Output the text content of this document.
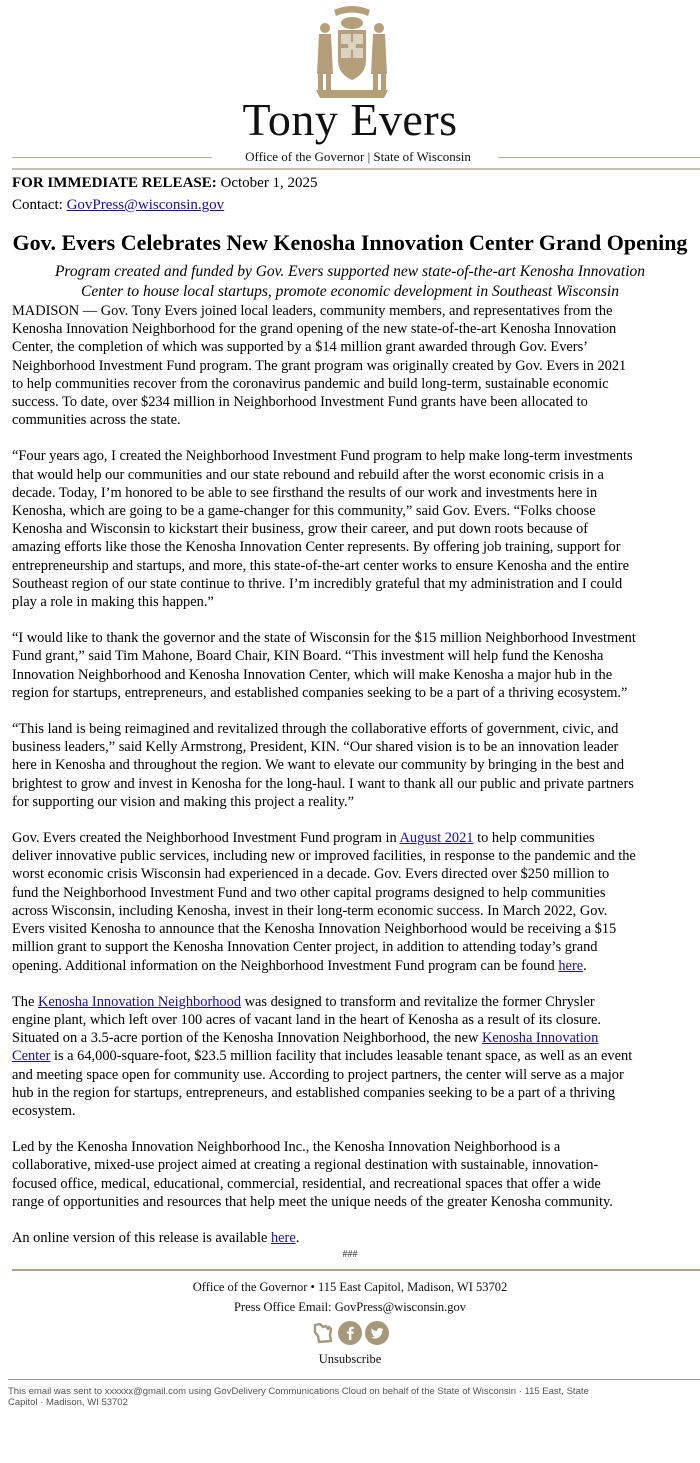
Tony Evers
Office of the Governor | State of Wisconsin
FOR IMMEDIATE RELEASE: October 1, 2025
Contact: GovPress@wisconsin.gov
Gov. Evers Celebrates New Kenosha Innovation Center Grand Opening
Program created and funded by Gov. Evers supported new state-of-the-art Kenosha Innovation
Center to house local startups, promote economic development in Southeast Wisconsin

MADISON — Gov. Tony Evers joined local leaders, community members, and representatives from the
Kenosha Innovation Neighborhood for the grand opening of the new state-of-the-art Kenosha Innovation
Center, the completion of which was supported by a $14 million grant awarded through Gov. Evers’
Neighborhood Investment Fund program. The grant program was originally created by Gov. Evers in 2021
to help communities recover from the coronavirus pandemic and build long-term, sustainable economic
success. To date, over $234 million in Neighborhood Investment Fund grants have been allocated to
communities across the state.

“Four years ago, I created the Neighborhood Investment Fund program to help make long-term investments
that would help our communities and our state rebound and rebuild after the worst economic crisis in a
decade. Today, I’m honored to be able to see firsthand the results of our work and investments here in
Kenosha, which are going to be a game-changer for this community,” said Gov. Evers. “Folks choose
Kenosha and Wisconsin to kickstart their business, grow their career, and put down roots because of
amazing efforts like those the Kenosha Innovation Center represents. By offering job training, support for
entrepreneurship and startups, and more, this state-of-the-art center works to ensure Kenosha and the entire
Southeast region of our state continue to thrive. I’m incredibly grateful that my administration and I could
play a role in making this happen.”

“I would like to thank the governor and the state of Wisconsin for the $15 million Neighborhood Investment
Fund grant,” said Tim Mahone, Board Chair, KIN Board. “This investment will help fund the Kenosha
Innovation Neighborhood and Kenosha Innovation Center, which will make Kenosha a major hub in the
region for startups, entrepreneurs, and established companies seeking to be a part of a thriving ecosystem.”

“This land is being reimagined and revitalized through the collaborative efforts of government, civic, and
business leaders,” said Kelly Armstrong, President, KIN. “Our shared vision is to be an innovation leader
here in Kenosha and throughout the region. We want to elevate our community by bringing in the best and
brightest to grow and invest in Kenosha for the long-haul. I want to thank all our public and private partners
for supporting our vision and making this project a reality.”

Gov. Evers created the Neighborhood Investment Fund program in August 2021 to help communities
deliver innovative public services, including new or improved facilities, in response to the pandemic and the
worst economic crisis Wisconsin had experienced in a decade. Gov. Evers directed over $250 million to
fund the Neighborhood Investment Fund and two other capital programs designed to help communities
across Wisconsin, including Kenosha, invest in their long-term economic success. In March 2022, Gov.
Evers visited Kenosha to announce that the Kenosha Innovation Neighborhood would be receiving a $15
million grant to support the Kenosha Innovation Center project, in addition to attending today’s grand
opening. Additional information on the Neighborhood Investment Fund program can be found here.

The Kenosha Innovation Neighborhood was designed to transform and revitalize the former Chrysler
engine plant, which left over 100 acres of vacant land in the heart of Kenosha as a result of its closure.
Situated on a 3.5-acre portion of the Kenosha Innovation Neighborhood, the new Kenosha Innovation
Center is a 64,000-square-foot, $23.5 million facility that includes leasable tenant space, as well as an event
and meeting space open for community use. According to project partners, the center will serve as a major
hub in the region for startups, entrepreneurs, and established companies seeking to be a part of a thriving
ecosystem.

Led by the Kenosha Innovation Neighborhood Inc., the Kenosha Innovation Neighborhood is a
collaborative, mixed-use project aimed at creating a regional destination with sustainable, innovation-
focused office, medical, educational, commercial, residential, and recreational spaces that offer a wide
range of opportunities and resources that help meet the unique needs of the greater Kenosha community.

An online version of this release is available here.

###
Office of the Governor • 115 East Capitol, Madison, WI 53702
Press Office Email: GovPress@wisconsin.gov
Unsubscribe
This email was sent to xxxxxx@gmail.com using GovDelivery Communications Cloud on behalf of the State of Wisconsin · 115 East, State
Capitol · Madison, WI 53702
